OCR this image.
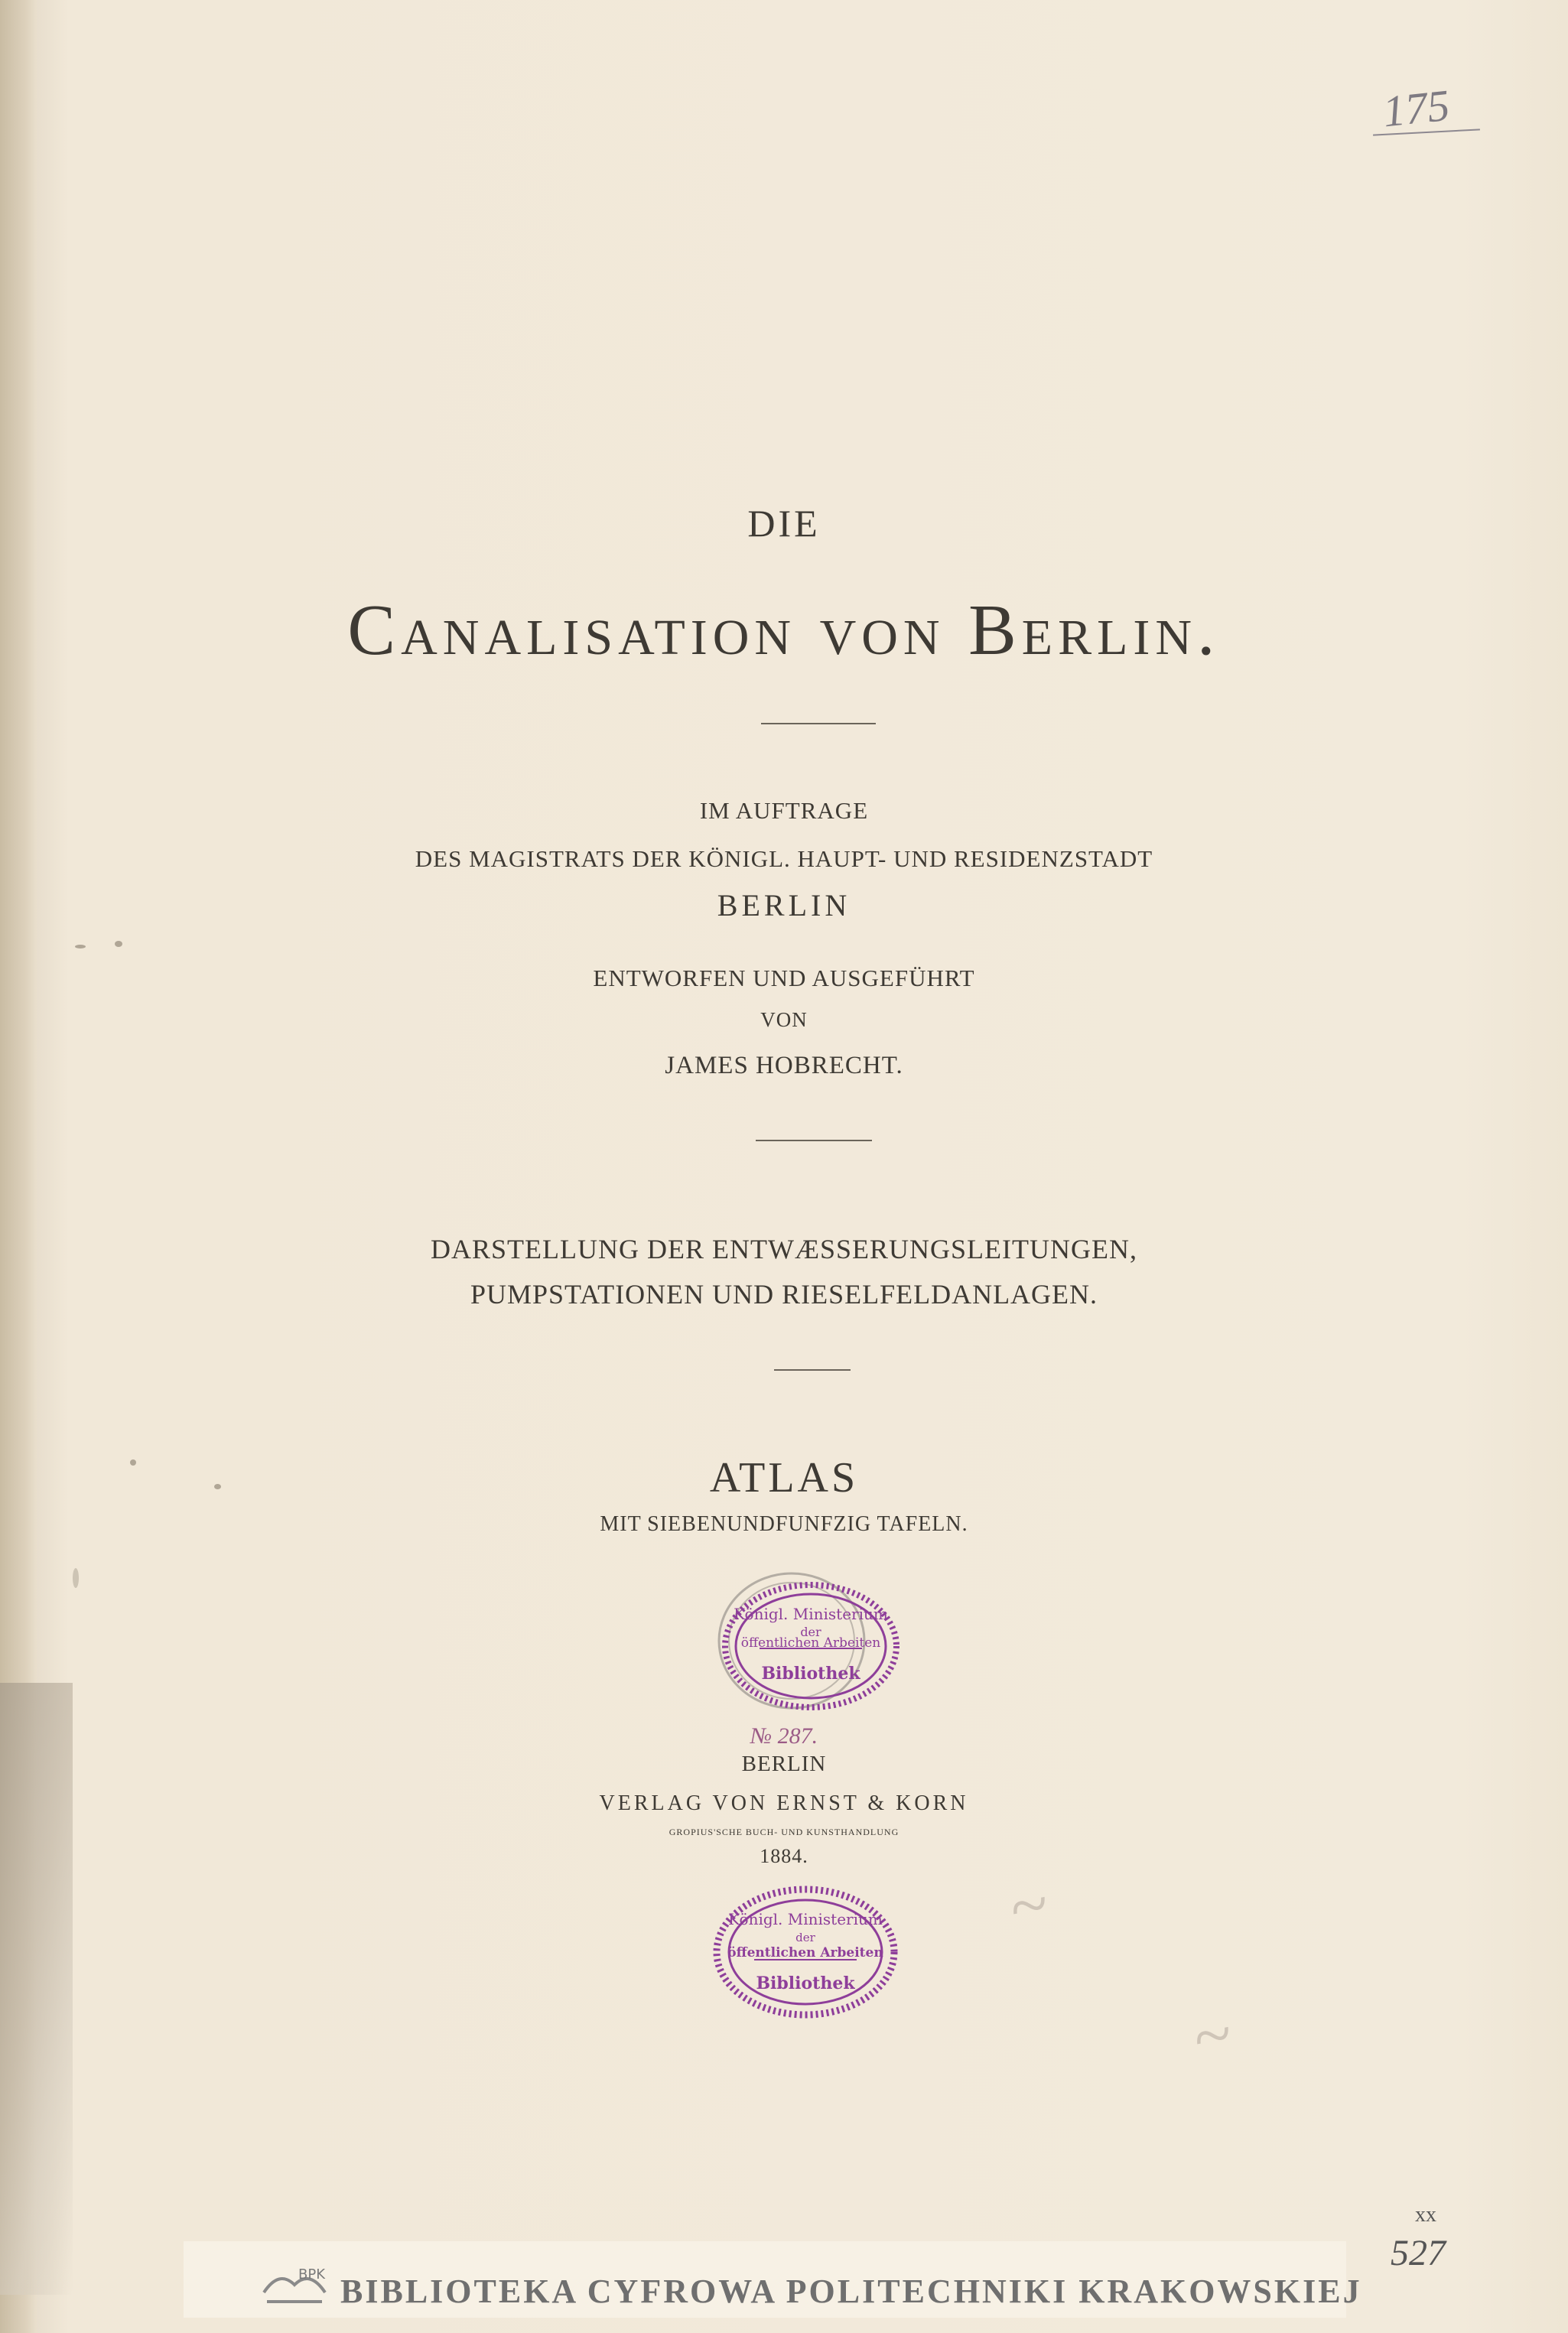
175
DIE
Canalisation von Berlin.
IM AUFTRAGE
DES MAGISTRATS DER KÖNIGL. HAUPT- UND RESIDENZSTADT
BERLIN
ENTWORFEN UND AUSGEFÜHRT
VON
JAMES HOBRECHT.
DARSTELLUNG DER ENTWÆSSERUNGSLEITUNGEN,
PUMPSTATIONEN UND RIESELFELDANLAGEN.
ATLAS
MIT SIEBENUNDFUNFZIG TAFELN.
Königl. Ministerium
der
öffentlichen Arbeiten
Bibliothek
№ 287.
BERLIN
VERLAG VON ERNST & KORN
GROPIUS'SCHE BUCH- UND KUNSTHANDLUNG
1884.
Königl. Ministerium
der
öffentlichen Arbeiten
Bibliothek
~
~
xx
527
BPK BIBLIOTEKA CYFROWA POLITECHNIKI KRAKOWSKIEJ
